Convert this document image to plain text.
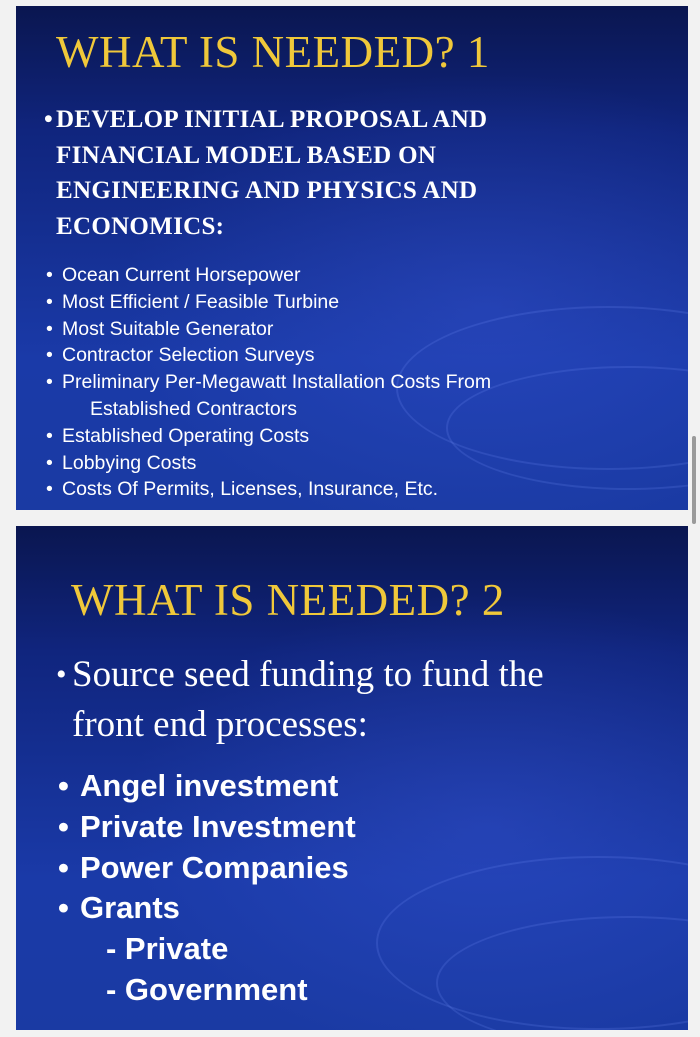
WHAT IS NEEDED? 1
• DEVELOP INITIAL PROPOSAL AND
FINANCIAL MODEL BASED ON
ENGINEERING AND PHYSICS AND
ECONOMICS:
• Ocean Current Horsepower
• Most Efficient / Feasible Turbine
• Most Suitable Generator
• Contractor Selection Surveys
• Preliminary Per-Megawatt Installation Costs From
Established Contractors
• Established Operating Costs
• Lobbying Costs
• Costs Of Permits, Licenses, Insurance, Etc.
WHAT IS NEEDED? 2
• Source seed funding to fund the
front end processes:
• Angel investment
• Private Investment
• Power Companies
• Grants
- Private
- Government
